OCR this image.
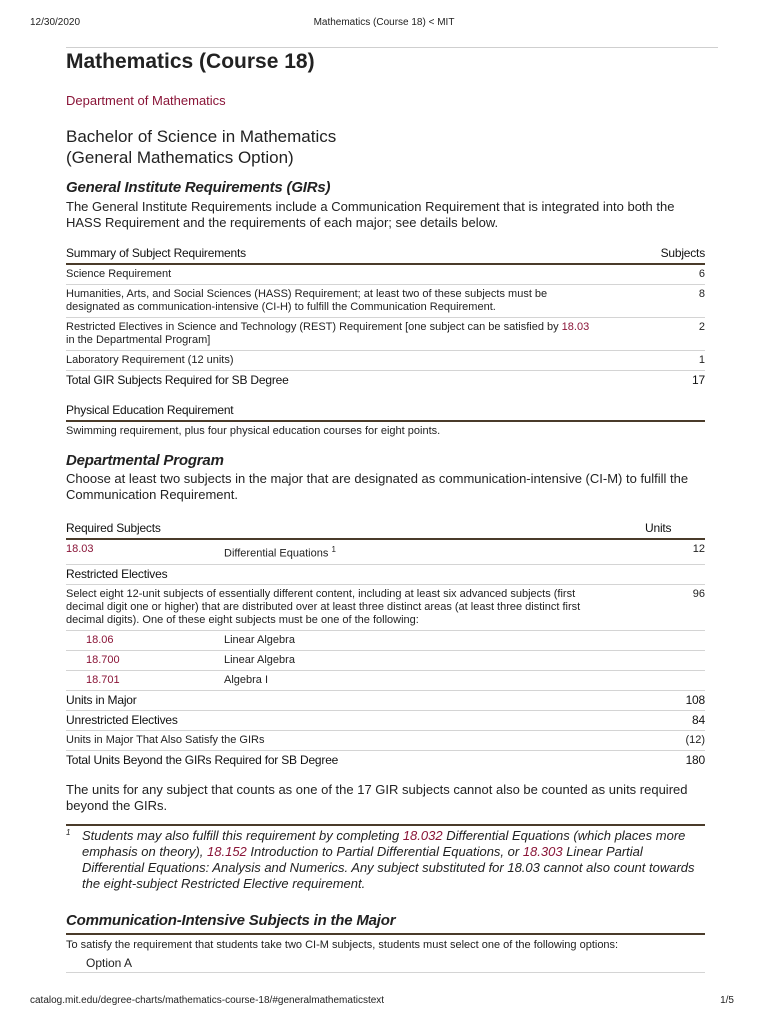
12/30/2020	Mathematics (Course 18) < MIT
Mathematics (Course 18)
Department of Mathematics
Bachelor of Science in Mathematics
(General Mathematics Option)
General Institute Requirements (GIRs)
The General Institute Requirements include a Communication Requirement that is integrated into both the HASS Requirement and the requirements of each major; see details below.
Summary of Subject Requirements	Subjects
Science Requirement	6
Humanities, Arts, and Social Sciences (HASS) Requirement; at least two of these subjects must be designated as communication-intensive (CI-H) to fulfill the Communication Requirement.	8
Restricted Electives in Science and Technology (REST) Requirement [one subject can be satisfied by 18.03 in the Departmental Program]	2
Laboratory Requirement (12 units)	1
Total GIR Subjects Required for SB Degree	17
Physical Education Requirement
Swimming requirement, plus four physical education courses for eight points.
Departmental Program
Choose at least two subjects in the major that are designated as communication-intensive (CI-M) to fulfill the Communication Requirement.
Required Subjects		Units
18.03	Differential Equations $^1$	12
Restricted Electives		
Select eight 12-unit subjects of essentially different content, including at least six advanced subjects (first decimal digit one or higher) that are distributed over at least three distinct areas (at least three distinct first decimal digits). One of these eight subjects must be one of the following:		96
18.06	Linear Algebra	
18.700	Linear Algebra	
18.701	Algebra I	
Units in Major		108
Unrestricted Electives		84
Units in Major That Also Satisfy the GIRs		(12)
Total Units Beyond the GIRs Required for SB Degree		180
The units for any subject that counts as one of the 17 GIR subjects cannot also be counted as units required beyond the GIRs.
1 Students may also fulfill this requirement by completing 18.032 Differential Equations (which places more emphasis on theory), 18.152 Introduction to Partial Differential Equations, or 18.303 Linear Partial Differential Equations: Analysis and Numerics. Any subject substituted for 18.03 cannot also count towards the eight-subject Restricted Elective requirement.
Communication-Intensive Subjects in the Major
To satisfy the requirement that students take two CI-M subjects, students must select one of the following options:
Option A
catalog.mit.edu/degree-charts/mathematics-course-18/#generalmathematicstext	1/5
